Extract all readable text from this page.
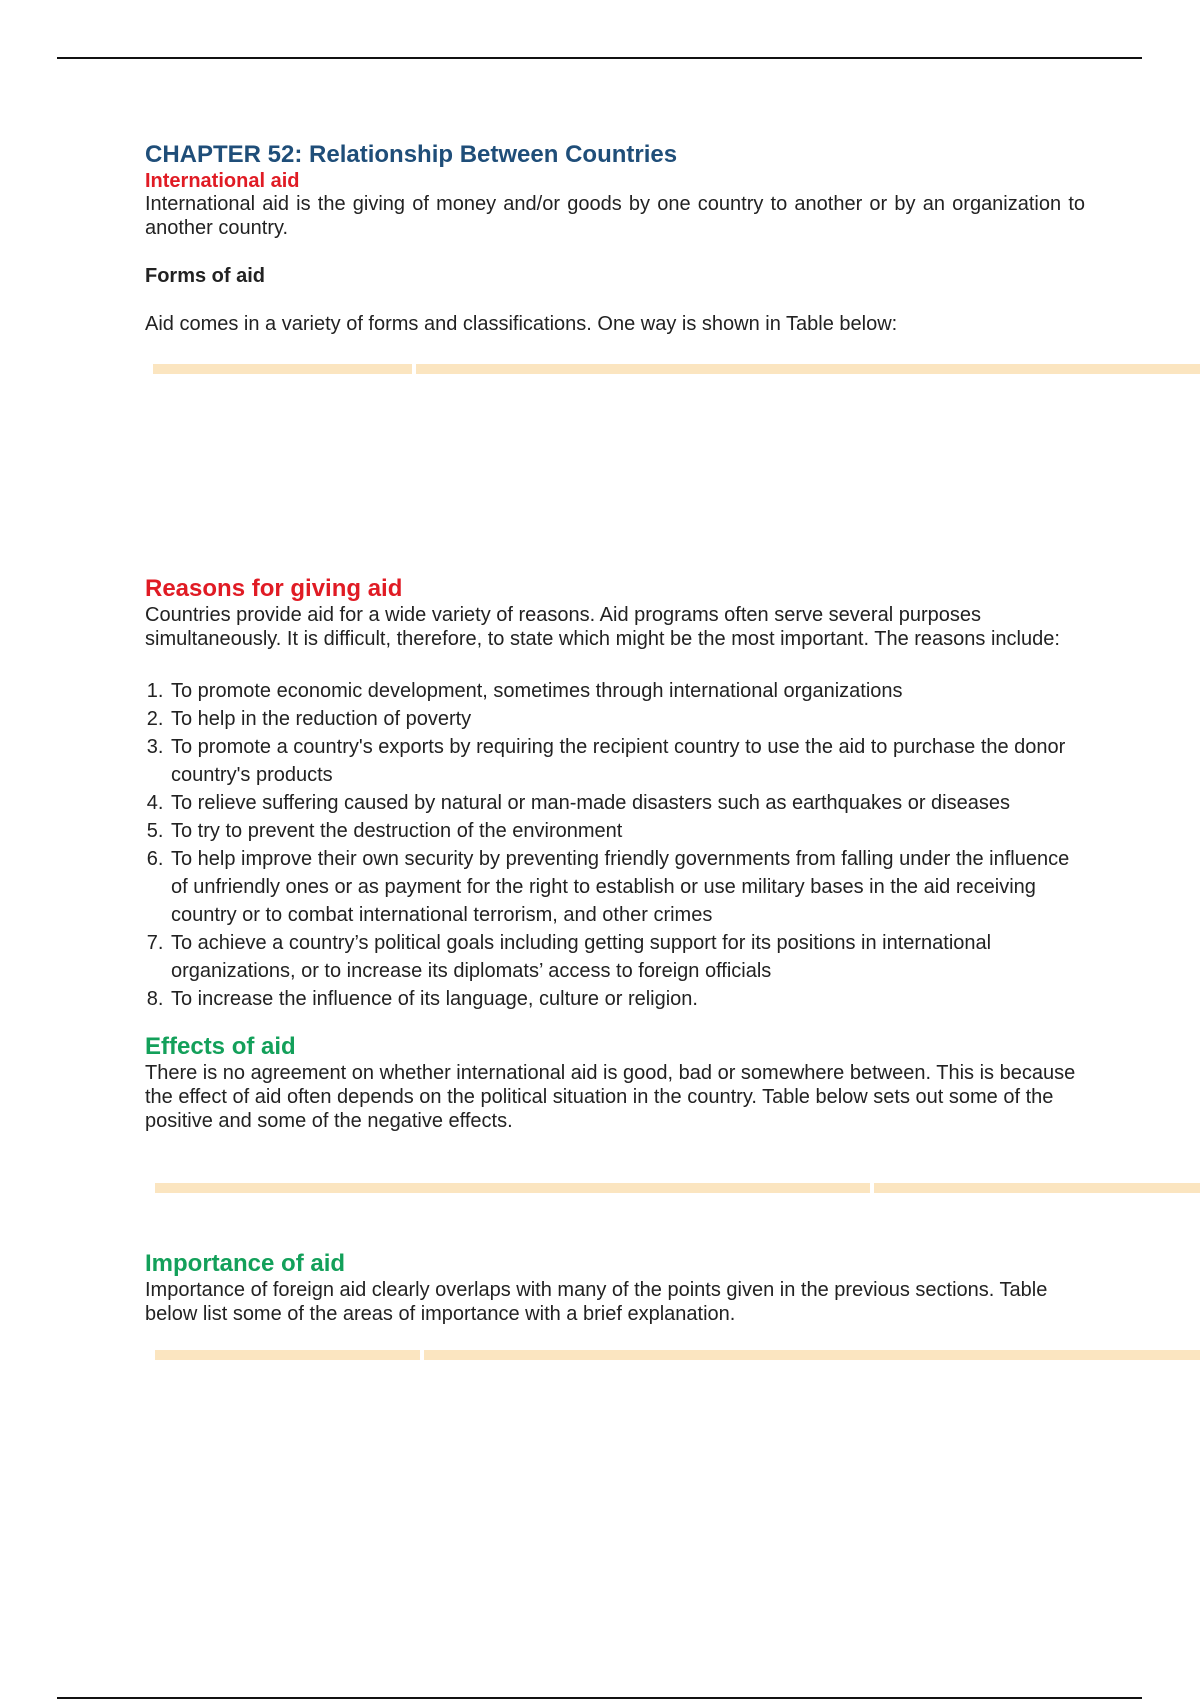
CHAPTER 52: Relationship Between Countries
International aid

International aid is the giving of money and/or goods by one country to another or by an organization to another country.

Forms of aid

Aid comes in a variety of forms and classifications. One way is shown in Table below:

Reasons for giving aid

Countries provide aid for a wide variety of reasons. Aid programs often serve several purposes simultaneously. It is difficult, therefore, to state which might be the most important. The reasons include:

1. To promote economic development, sometimes through international organizations
2. To help in the reduction of poverty
3. To promote a country's exports by requiring the recipient country to use the aid to purchase the donor country's products
4. To relieve suffering caused by natural or man-made disasters such as earthquakes or diseases
5. To try to prevent the destruction of the environment
6. To help improve their own security by preventing friendly governments from falling under the influence of unfriendly ones or as payment for the right to establish or use military bases in the aid receiving country or to combat international terrorism, and other crimes
7. To achieve a country’s political goals including getting support for its positions in international organizations, or to increase its diplomats’ access to foreign officials
8. To increase the influence of its language, culture or religion.
Effects of aid

There is no agreement on whether international aid is good, bad or somewhere between. This is because the effect of aid often depends on the political situation in the country. Table below sets out some of the positive and some of the negative effects.

Importance of aid

Importance of foreign aid clearly overlaps with many of the points given in the previous sections. Table below list some of the areas of importance with a brief explanation.
